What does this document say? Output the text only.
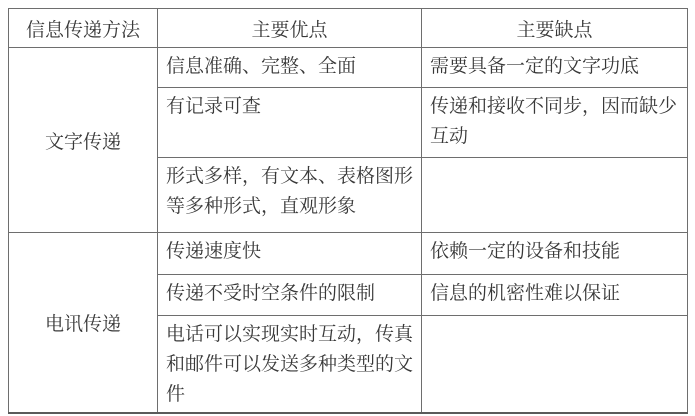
信息传递方法	主要优点	主要缺点
文字传递	信息准确、完整、全面	需要具备一定的文字功底
	有记录可查	传递和接收不同步，因而缺少互动
	形式多样，有文本、表格图形等多种形式，直观形象	
电讯传递	传递速度快	依赖一定的设备和技能
	传递不受时空条件的限制	信息的机密性难以保证
	电话可以实现实时互动，传真和邮件可以发送多种类型的文件	
